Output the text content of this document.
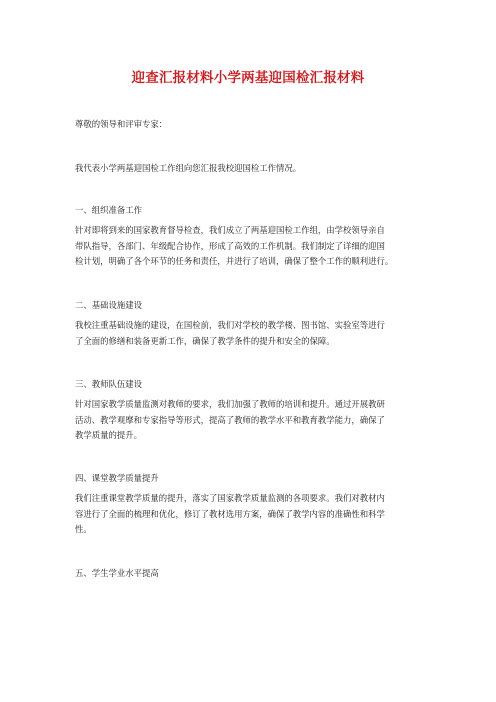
迎查汇报材料小学两基迎国检汇报材料
尊敬的领导和评审专家：
我代表小学两基迎国检工作组向您汇报我校迎国检工作情况。
一、组织准备工作
针对即将到来的国家教育督导检查，我们成立了两基迎国检工作组，由学校领导亲自
带队指导，各部门、年级配合协作，形成了高效的工作机制。我们制定了详细的迎国
检计划，明确了各个环节的任务和责任，并进行了培训，确保了整个工作的顺利进行。
二、基础设施建设
我校注重基础设施的建设，在国检前，我们对学校的教学楼、图书馆、实验室等进行
了全面的修缮和装备更新工作，确保了教学条件的提升和安全的保障。
三、教师队伍建设
针对国家教学质量监测对教师的要求，我们加强了教师的培训和提升。通过开展教研
活动、教学观摩和专家指导等形式，提高了教师的教学水平和教育教学能力，确保了
教学质量的提升。
四、课堂教学质量提升
我们注重课堂教学质量的提升，落实了国家教学质量监测的各项要求。我们对教材内
容进行了全面的梳理和优化，修订了教材选用方案，确保了教学内容的准确性和科学
性。
五、学生学业水平提高
